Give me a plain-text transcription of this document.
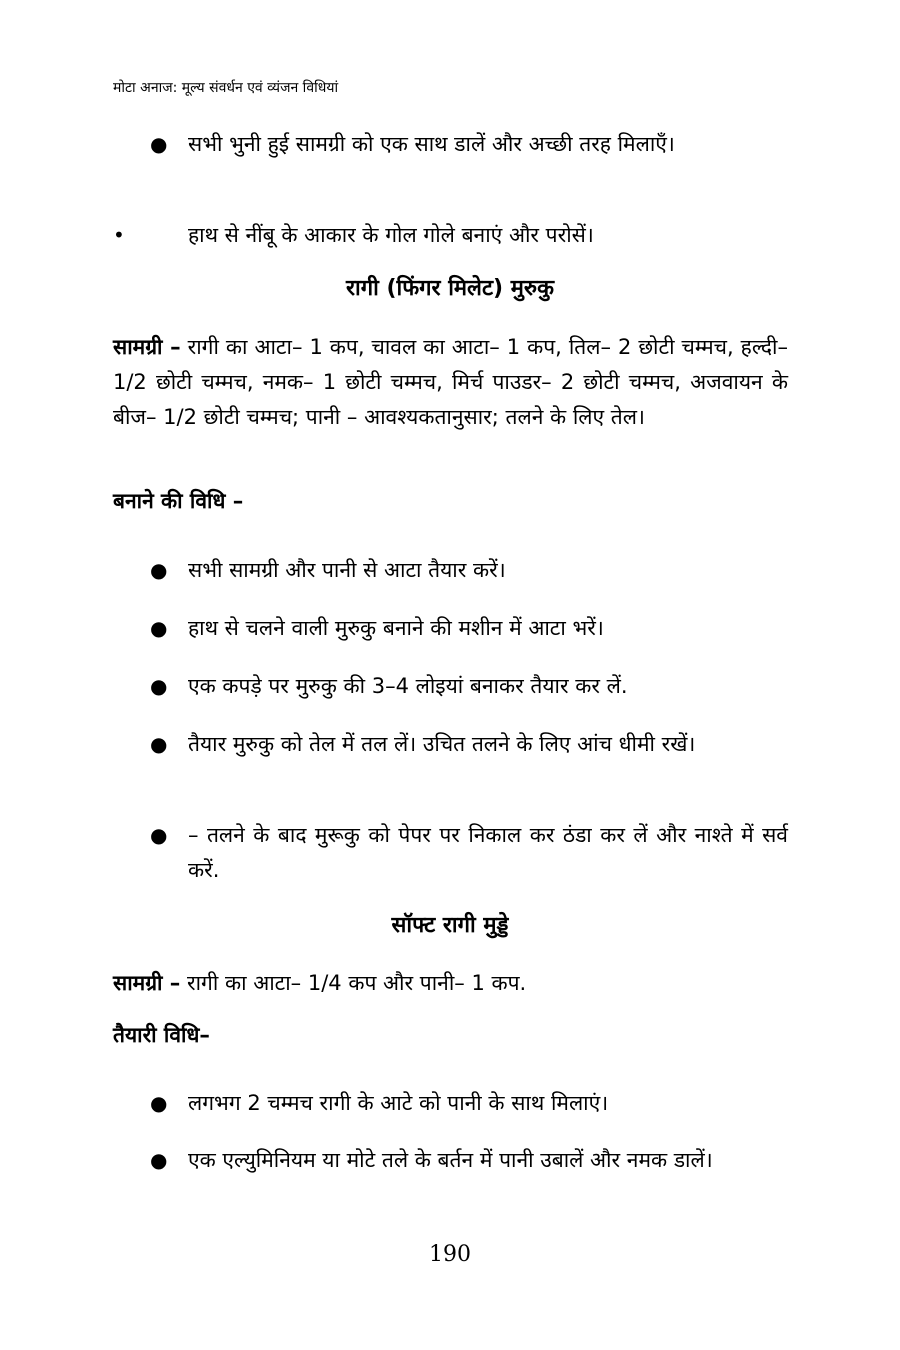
मोटा अनाज: मूल्य संवर्धन एवं व्यंजन विधियां
● सभी भुनी हुई सामग्री को एक साथ डालें और अच्छी तरह मिलाएँ।
•	हाथ से नींबू के आकार के गोल गोले बनाएं और परोसें।
रागी (फिंगर मिलेट) मुरुकु
सामग्री – रागी का आटा– 1 कप, चावल का आटा– 1 कप, तिल– 2 छोटी चम्मच, हल्दी– 1/2 छोटी चम्मच, नमक– 1 छोटी चम्मच, मिर्च पाउडर– 2 छोटी चम्मच, अजवायन के बीज– 1/2 छोटी चम्मच; पानी – आवश्यकतानुसार; तलने के लिए तेल।
बनाने की विधि –
● सभी सामग्री और पानी से आटा तैयार करें।
● हाथ से चलने वाली मुरुकु बनाने की मशीन में आटा भरें।
● एक कपड़े पर मुरुकु की 3–4 लोइयां बनाकर तैयार कर लें.
● तैयार मुरुकु को तेल में तल लें। उचित तलने के लिए आंच धीमी रखें।
● – तलने के बाद मुरूकु को पेपर पर निकाल कर ठंडा कर लें और नाश्ते में सर्व करें.
सॉफ्ट रागी मुड्डे
सामग्री – रागी का आटा– 1/4 कप और पानी– 1 कप.
तैयारी विधि–
● लगभग 2 चम्मच रागी के आटे को पानी के साथ मिलाएं।
● एक एल्युमिनियम या मोटे तले के बर्तन में पानी उबालें और नमक डालें।
190
